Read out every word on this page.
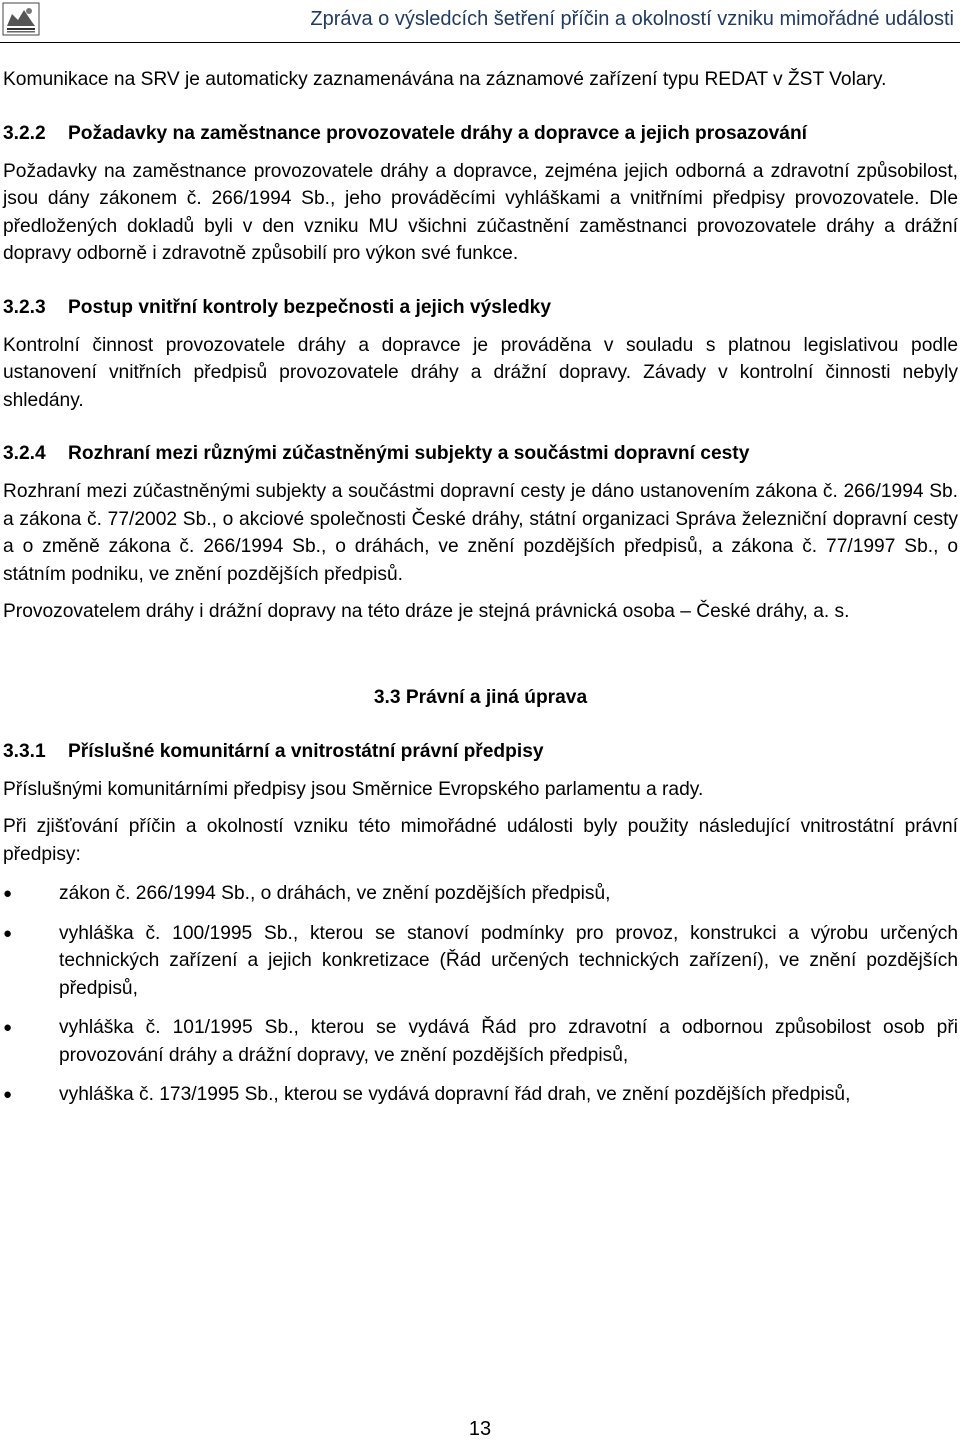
Zpráva o výsledcích šetření příčin a okolností vzniku mimořádné události

Komunikace na SRV je automaticky zaznamenávána na záznamové zařízení typu REDAT v ŽST Volary.

3.2.2	Požadavky na zaměstnance provozovatele dráhy a dopravce a jejich prosazování

Požadavky na zaměstnance provozovatele dráhy a dopravce, zejména jejich odborná a zdravotní způsobilost, jsou dány zákonem č. 266/1994 Sb., jeho prováděcími vyhláškami a vnitřními předpisy provozovatele. Dle předložených dokladů byli v den vzniku MU všichni zúčastnění zaměstnanci provozovatele dráhy a drážní dopravy odborně i zdravotně způsobilí pro výkon své funkce.

3.2.3	Postup vnitřní kontroly bezpečnosti a jejich výsledky

Kontrolní činnost provozovatele dráhy a dopravce je prováděna v souladu s platnou legislativou podle ustanovení vnitřních předpisů provozovatele dráhy a drážní dopravy. Závady v kontrolní činnosti nebyly shledány.

3.2.4	Rozhraní mezi různými zúčastněnými subjekty a součástmi dopravní cesty

Rozhraní mezi zúčastněnými subjekty a součástmi dopravní cesty je dáno ustanovením zákona č. 266/1994 Sb. a zákona č. 77/2002 Sb., o akciové společnosti České dráhy, státní organizaci Správa železniční dopravní cesty a o změně zákona č. 266/1994 Sb., o dráhách, ve znění pozdějších předpisů, a zákona č. 77/1997 Sb., o státním podniku, ve znění pozdějších předpisů.

Provozovatelem dráhy i drážní dopravy na této dráze je stejná právnická osoba – České dráhy, a. s.

3.3 Právní a jiná úprava
3.3.1	Příslušné komunitární a vnitrostátní právní předpisy

Příslušnými komunitárními předpisy jsou Směrnice Evropského parlamentu a rady.

Při zjišťování příčin a okolností vzniku této mimořádné události byly použity následující vnitrostátní právní předpisy:

●	zákon č. 266/1994 Sb., o dráhách, ve znění pozdějších předpisů,
●	vyhláška č. 100/1995 Sb., kterou se stanoví podmínky pro provoz, konstrukci a výrobu určených technických zařízení a jejich konkretizace (Řád určených technických zařízení), ve znění pozdějších předpisů,
●	vyhláška č. 101/1995 Sb., kterou se vydává Řád pro zdravotní a odbornou způsobilost osob při provozování dráhy a drážní dopravy, ve znění pozdějších předpisů,
●	vyhláška č. 173/1995 Sb., kterou se vydává dopravní řád drah, ve znění pozdějších předpisů,
13
